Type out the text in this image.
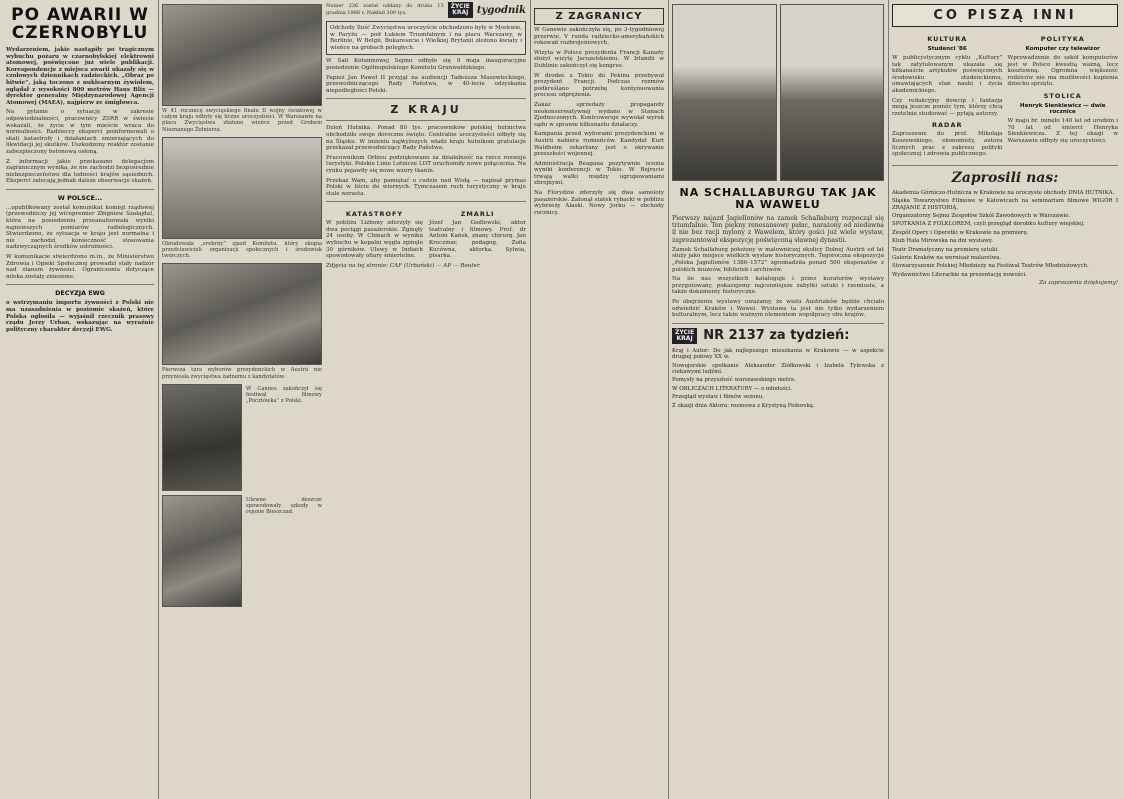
PO AWARII W CZERNOBYLU

Wydarzeniem, jakie nastąpiły po tragicznym wybuchu pożaru w czarnobylskiej elektrowni atomowej, poświęcone już wiele publikacji. Korespondencje z miejsca awarii ukazały się w czołowych dziennikach radzieckich. „Obraz po bitwie”, jaką toczono z nuklearnym żywiołem, oglądał z wysokości 800 metrów Hans Blix — dyrektor generalny Międzynarodowej Agencji Atomowej (MAEA), najpierw ze śmigłowca.

Na pytanie o sytuację w zakresie odpowiedzialności, pracownicy ZSRR w świecie wskazali, że życie w tym mieście wraca do normalności. Radzieccy eksperci poinformowali o skali katastrofy i działaniach zmierzających do likwidacji jej skutków. Uszkodzony reaktor zostanie zabezpieczony betonową osłoną.

Z informacji jakie przekazano delegacjom zagranicznym wynika, że nie zachodzi bezpośrednie niebezpieczeństwo dla ludności krajów sąsiednich. Eksperci zalecają jednak dalsze obserwacje skażeń.

W POLSCE...

...opublikowany został komunikat komisji rządowej (przewodniczy jej wicepremier Zbigniew Szałajda), która na posiedzeniu przeanalizowała wyniki najnowszych pomiarów radiologicznych. Stwierdzono, że sytuacja w kraju jest normalna i nie zachodzi konieczność stosowania nadzwyczajnych środków ostrożności.

W komunikacie stwierdzono m.in., że Ministerstwo Zdrowia i Opieki Społecznej prowadzi stały nadzór nad stanem żywności. Ograniczenia dotyczące mleka zostały zniesione.

DECYZJA EWG

o wstrzymaniu importu żywności z Polski nie ma uzasadnienia w poziomie skażeń, które Polska ogłosiła — wyjaśnił rzecznik prasowy rządu Jerzy Urban, wskazując na wyraźnie polityczny charakter decyzji EWG.

W 41 rocznicę zwycięskiego finału II wojny światowej w całym kraju odbyły się liczne uroczystości. W Warszawie na placu Zwycięstwa złożono wieńce przed Grobem Nieznanego Żołnierza.

Obradowała „srebrny” zjazd Komitetu, który skupia przedstawicieli organizacji społecznych i środowisk twórczych.

Pierwsza tura wyborów prezydenckich w Austrii nie przyniosła zwycięstwa żadnemu z kandydatów.

W Cannes zakończył się festiwal filmowy „Pocztówka” z Polski.

Ulewne deszcze spowodowały szkody w rejonie Bieszczad.

Numer 236 został oddany do druku 13 grudnia 1986 r. Nakład 300 tys.

ŻYCIE
KRAJ tygodnik

Odchody Ilość Zwycięstwa uroczyście obchodzono były w Moskwie, w Paryżu — pod Łukiem Triumfalnym i na placu Warszawy, w Berlinie, W Belgii, Bukareszcie i Wielkiej Brytanii złożono kwiaty i wieńce na grobach poległych.

W Sali Kolumnowej Sejmu odbyło się 9 maja inauguracyjne posiedzenie Ogólnopolskiego Komitetu Grunwaldzkiego.

Papież Jan Paweł II przyjął na audiencji Tadeusza Mazowieckiego, przewodniczącego Rady Państwa, w 40-lecie odzyskania niepodległości Polski.

Z KRAJU

Dzień Hutnika. Ponad 80 tys. pracowników polskiej hutnictwa obchodziło swoje doroczne święto. Centralne uroczystości odbyły się na Śląsku. W imieniu najwyższych władz kraju hutnikom gratulacje przekazał przewodniczący Rady Państwa.

Pracownikom Orbisu podziękowano za działalność na rzecz rozwoju turystyki. Polskie Linie Lotnicze LOT uruchomiły nowe połączenia. Na rynku pojawiły się nowe wzory tkanin.

Przekaż Wam, aby pamiętać o cudzie nad Wisłą — napisał prymas Polski w liście do wiernych. Tymczasem ruch turystyczny w kraju stale wzrasta.

KATASTROFY

W pobliżu Lizbony zderzyły się dwa pociągi pasażerskie. Zginęły 24 osoby. W Chinach w wyniku wybuchu w kopalni węgla zginęło 30 górników. Ulewy w Indiach spowodowały ofiary śmiertelne.

ZMARLI

Józef Jan Godlewski, aktor teatralny i filmowy. Prof. dr Antoni Kańsk, znany chirurg. Jan Kreczmar, pedagog. Zofia Kucówna, aktorka. Sylwia, pisarka.

Zdjęcia na tej stronie: CAF (Urbański) — AP — Reuter.

Z ZAGRANICY

W Genewie zakończyła się, po 3-tygodniowej przerwie, V runda radziecko-amerykańskich rokowań rozbrojeniowych.

Wizyta w Polsce prezydenta Francji Kanady złożył wizytę Jaruzelskiemu. W Irlandii w Dublinie zakończył się kongres.

W drodze z Tokio do Pekinu przebywał prezydent Francji. Podczas rozmów podkreślano potrzebę kontynuowania procesu odprężenia.

Zakaz sprzedaży propagandy neokonserwatywnej wydano w Stanach Zjednoczonych. Kontrowersje wywołał wyrok sądu w sprawie kilkunastu działaczy.

Kampania przed wyborami prezydenckimi w Austrii nabiera rumieńców. Kandydat Kurt Waldheim oskarżany jest o ukrywanie przeszłości wojennej.

Administracja Reagana pozytywnie ocenia wyniki konferencji w Tokio. W Bejrucie trwają walki między ugrupowaniami zbrojnymi.

Na Florydzie zderzyły się dwa samoloty pasażerskie. Zatonął statek rybacki w pobliżu wybrzeży Alaski. Nowy Jorku — obchody rocznicy.

NA SCHALLABURGU TAK JAK NA WAWELU

Pierwszy najazd Jagiellonów na zamek Schallaburg rozpoczął się triumfalnie. Ten piękny renesansowy pałac, narażony od niedawna il nie bez racji mylony z Wawelem, który gości już wiele wystaw, zaprezentował ekspozycję poświęconą sławnej dynastii.

Zamek Schallaburg położony w malowniczej okolicy Dolnej Austrii od lat służy jako miejsce wielkich wystaw historycznych. Tegoroczna ekspozycja „Polska Jagiellonów 1386–1572” zgromadziła ponad 500 eksponatów z polskich muzeów, bibliotek i archiwów.

Na ile nas wszystkich kataloguje i przez kuratorów wystawy przygotowany, pokazujemy najcenniejsze zabytki sztuki i rzemiosła, a także dokumenty historyczne.

Po obejrzeniu wystawy uważamy, że wielu Austriaków będzie chciało odwiedzić Kraków i Wawel. Wystawa ta jest nie tylko wydarzeniem kulturalnym, lecz także ważnym elementem współpracy obu krajów.

ŻYCIE
KRAJ NR 2137 za tydzień:
Kraj i Autor: Do jak najlepszego mieszkania w Krakowie — w aspekcie drugiej połowy XX w.
Nowojorskie spotkanie Aleksander Ziółkowski i Izabela Tylewska z ciekawymi ludźmi.
Pomysły na przyszłość warszawskiego metra.
W OBLICZACH LITERATURY — o młodości.
Przegląd wystaw i filmów sezonu.
Z okazji dnia Aktora: rozmowa z Krystyną Fedorską.
CO PISZĄ INNI
KULTURA
Studenci '86

W publicystycznym cyklu „Kultury” tak zatytułowanym ukazała się kilkanaście artykułów poświęconych środowisku studenckiemu, omawiających stan nauki i życia akademickiego.

Czy redakcyjny dowcip i fantazja mogą jeszcze pomóc tym, którzy chcą rzetelnie studiować — pytają autorzy.

RADAR

Zaproszenie do prof. Mikołaja Koszewskiego, ekonomisty, autora licznych prac z zakresu polityki społecznej i zdrowia publicznego.

POLITYKA
Komputer czy telewizor

Wprowadzenie do szkół komputerów jest w Polsce kwestią ważną, lecz kosztowną. Ogromna większość rodziców nie ma możliwości kupienia dziecku sprzętu.

STOLICA
Henryk Sienkiewicz — dwie rocznice

W maju br. minęło 140 lat od urodzin i 70 lat od śmierci Henryka Sienkiewicza. Z tej okazji w Warszawie odbyły się uroczystości.

Zaprosili nas:
Akademia Górniczo-Hutnicza w Krakowie na uroczyste obchody DNIA HUTNIKA.
Śląska Towarzystwo Filmowe w Katowicach na seminarium filmowe WIGÓR I ZRAJANIE Z HISTORIĄ.
Organizatorzy Sejmu Zespołów Szkół Zawodowych w Warszawie.
SPOTKANIA Z FOLKLOREM, czyli przegląd dorobku kultury wiejskiej.
Zespół Opery i Operetki w Krakowie na premierę.
Klub Hala Mirowska na dni wystawy.
Teatr Dramatyczny na premierę sztuki.
Galerie Kraków na wernisaż malarstwa.
Stowarzyszenie Polskiej Młodzieży na Festiwal Teatrów Młodzieżowych.
Wydawnictwo Literackie na prezentację nowości.

Za zaproszenia dziękujemy!
